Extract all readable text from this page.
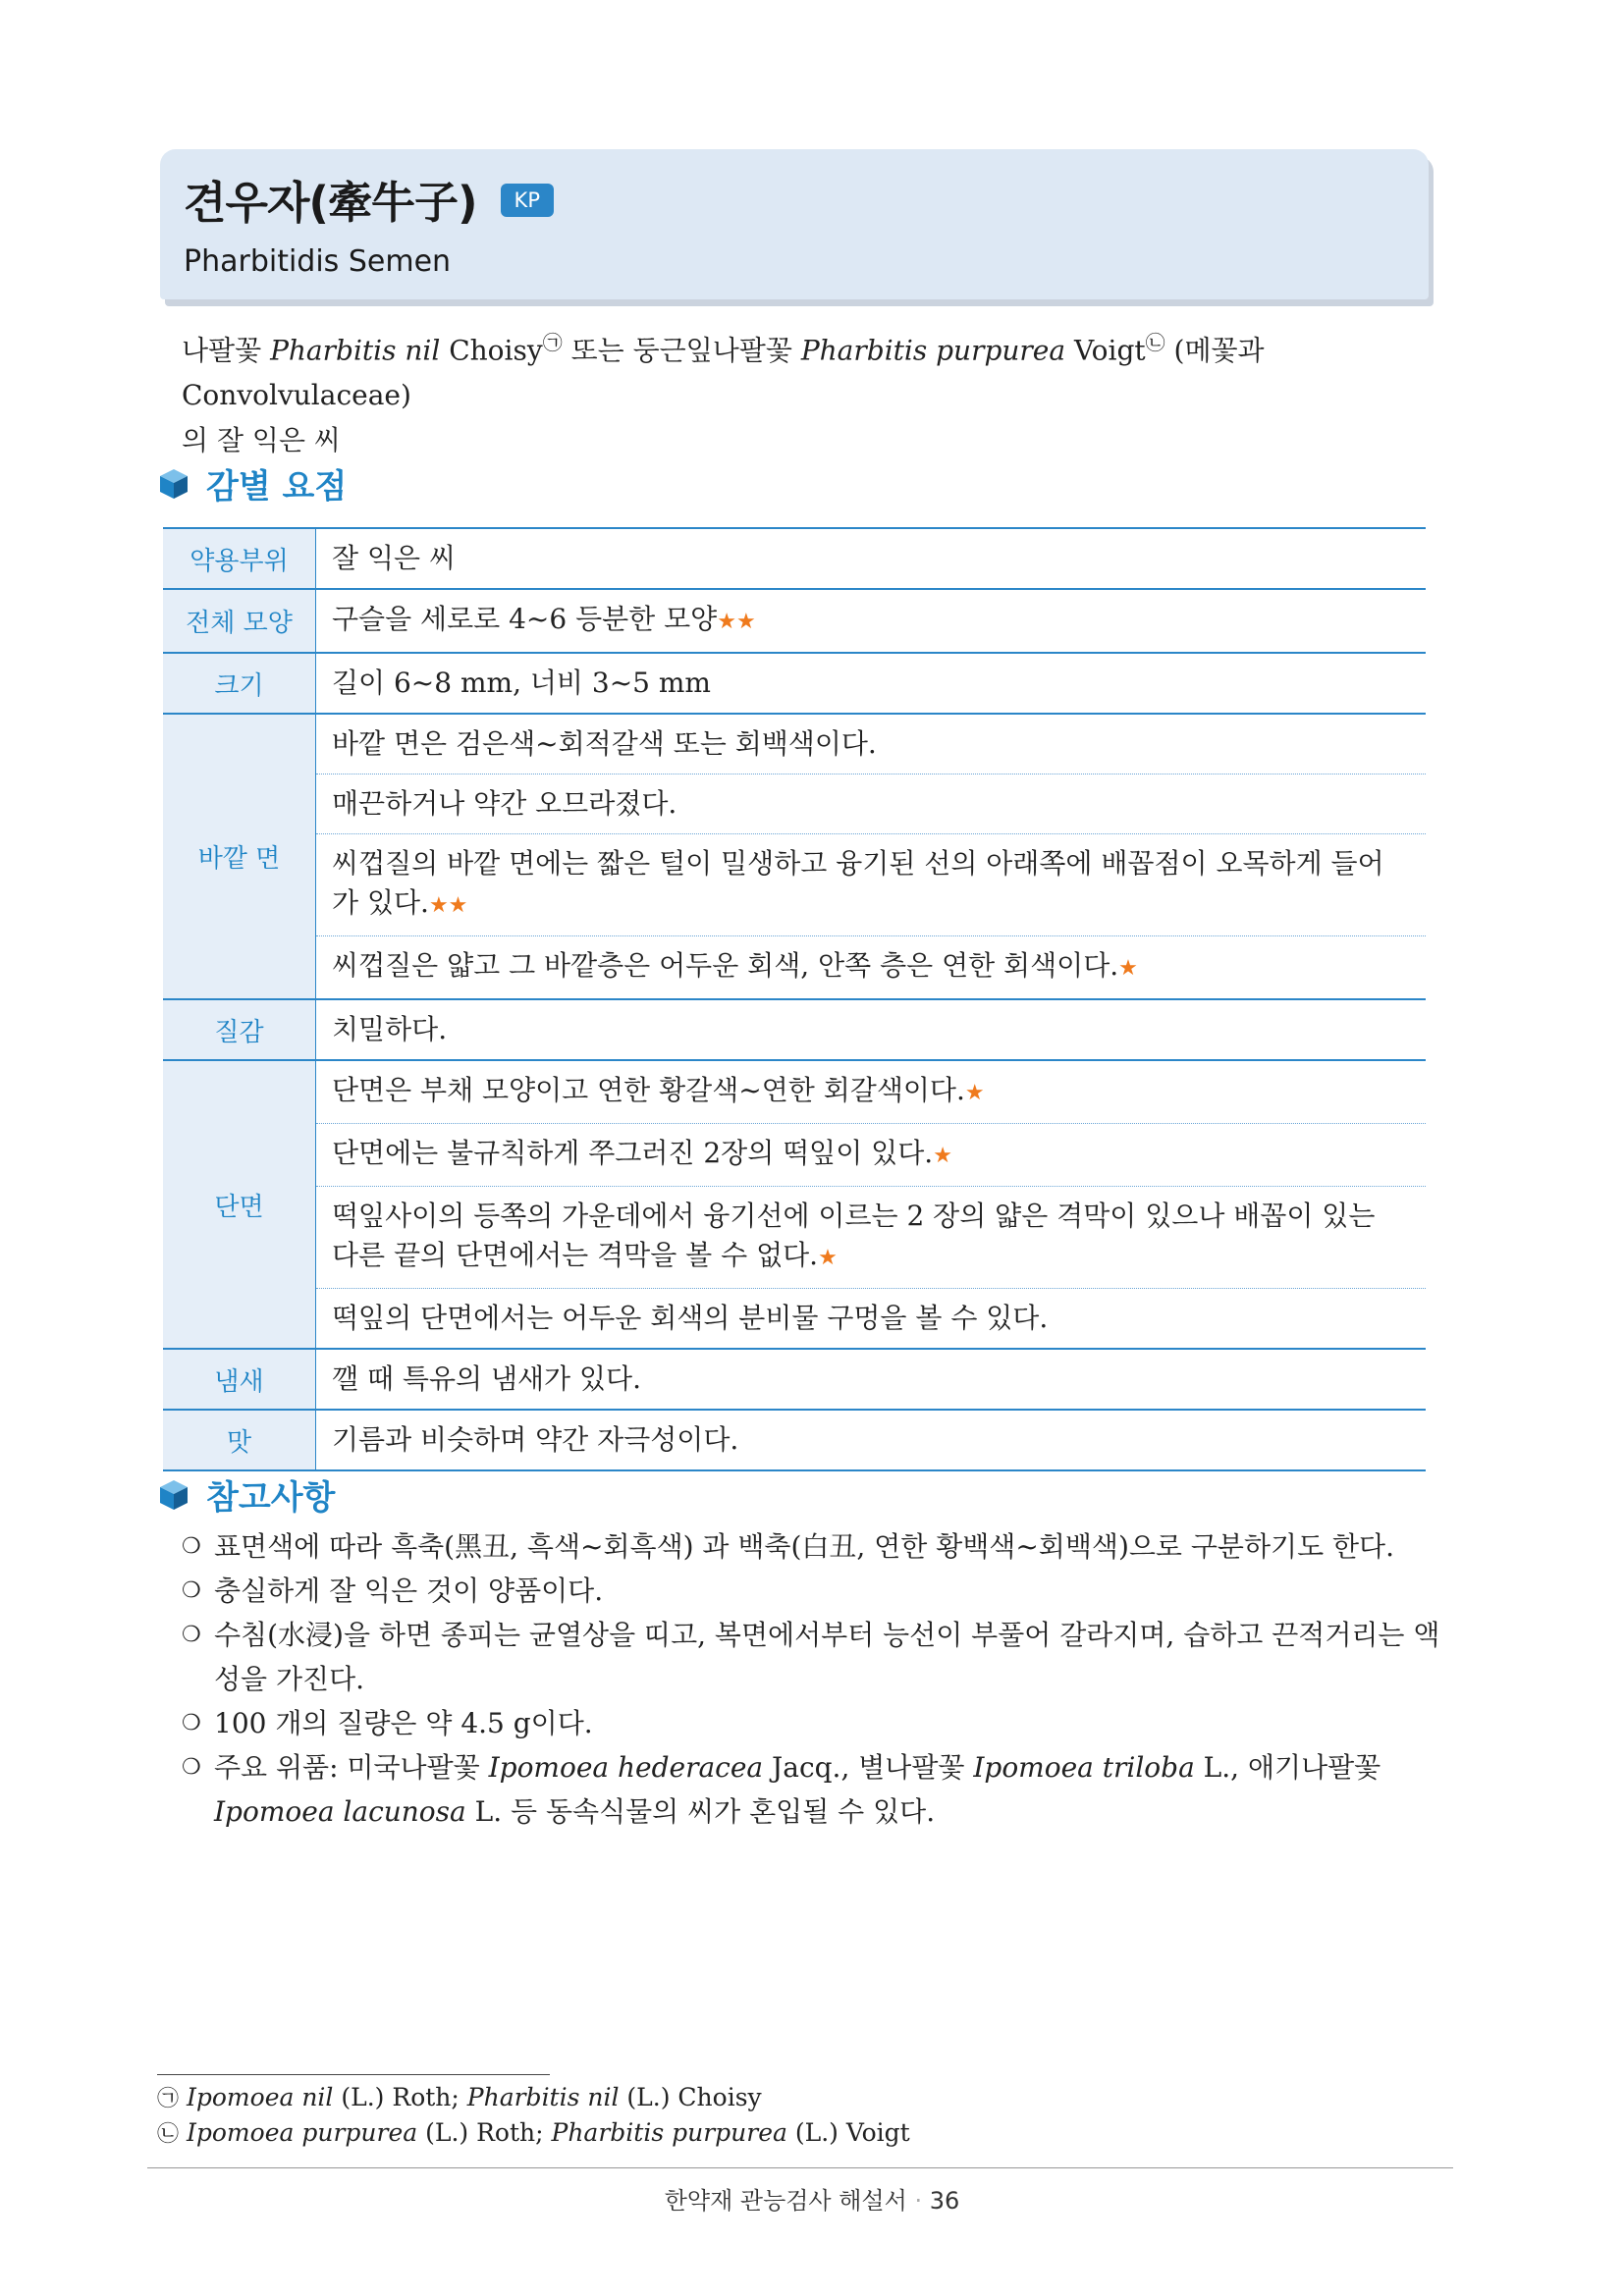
견우자(牽牛子) KP
Pharbitidis Semen
나팔꽃 Pharbitis nil Choisy㉠ 또는 둥근잎나팔꽃 Pharbitis purpurea Voigt㉡ (메꽃과 Convolvulaceae)
의 잘 익은 씨
감별 요점
약용부위	잘 익은 씨
전체 모양	구슬을 세로로 4~6 등분한 모양★★
크기	길이 6~8 mm, 너비 3~5 mm
바깥 면	바깥 면은 검은색~회적갈색 또는 회백색이다.
	매끈하거나 약간 오므라졌다.
	씨껍질의 바깥 면에는 짧은 털이 밀생하고 융기된 선의 아래쪽에 배꼽점이 오목하게 들어가 있다.★★
	씨껍질은 얇고 그 바깥층은 어두운 회색, 안쪽 층은 연한 회색이다.★
질감	치밀하다.
단면	단면은 부채 모양이고 연한 황갈색~연한 회갈색이다.★
	단면에는 불규칙하게 쭈그러진 2장의 떡잎이 있다.★
	떡잎사이의 등쪽의 가운데에서 융기선에 이르는 2 장의 얇은 격막이 있으나 배꼽이 있는 다른 끝의 단면에서는 격막을 볼 수 없다.★
	떡잎의 단면에서는 어두운 회색의 분비물 구멍을 볼 수 있다.
냄새	깰 때 특유의 냄새가 있다.
맛	기름과 비슷하며 약간 자극성이다.
참고사항
❍ 표면색에 따라 흑축(黑丑, 흑색~회흑색) 과 백축(白丑, 연한 황백색~회백색)으로 구분하기도 한다.
❍ 충실하게 잘 익은 것이 양품이다.
❍ 수침(水浸)을 하면 종피는 균열상을 띠고, 복면에서부터 능선이 부풀어 갈라지며, 습하고 끈적거리는 액성을 가진다.
❍ 100 개의 질량은 약 4.5 g이다.
❍ 주요 위품: 미국나팔꽃 Ipomoea hederacea Jacq., 별나팔꽃 Ipomoea triloba L., 애기나팔꽃 Ipomoea lacunosa L. 등 동속식물의 씨가 혼입될 수 있다.
㉠ Ipomoea nil (L.) Roth; Pharbitis nil (L.) Choisy
㉡ Ipomoea purpurea (L.) Roth; Pharbitis purpurea (L.) Voigt
한약재 관능검사 해설서 · 36
